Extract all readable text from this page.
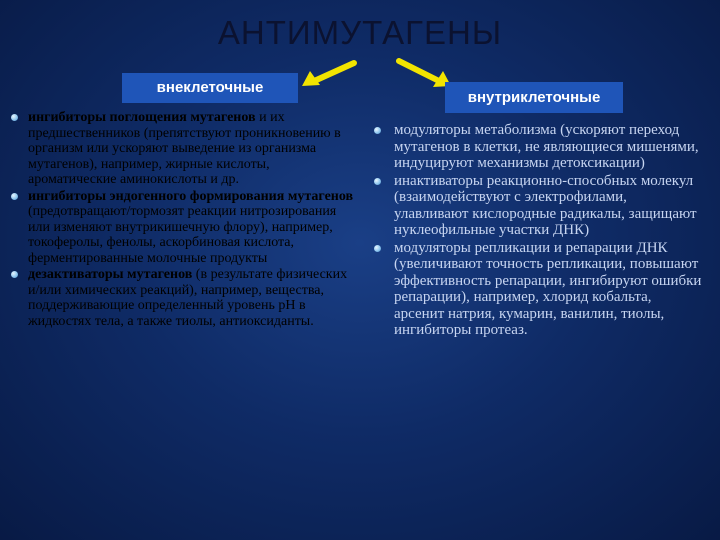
АНТИМУТАГЕНЫ
внеклеточные
внутриклеточные
ингибиторы поглощения мутагенов и их предшественников (препятствуют проникновению в организм или ускоряют выведение из организма мутагенов), например, жирные кислоты, ароматические аминокислоты и др.
ингибиторы эндогенного формирования мутагенов (предотвращают/тормозят реакции нитрозирования или изменяют внутрикишечную флору), например, токоферолы, фенолы, аскорбиновая кислота, ферментированные молочные продукты
дезактиваторы мутагенов (в результате физических и/или химических реакций), например, вещества, поддерживающие определенный уровень pH в жидкостях тела, а также тиолы, антиоксиданты.
модуляторы метаболизма (ускоряют переход мутагенов в клетки, не являющиеся мишенями, индуцируют механизмы детоксикации)
инактиваторы реакционно-способных молекул (взаимодействуют с электрофилами, улавливают кислородные радикалы, защищают нуклеофильные участки ДНК)
модуляторы репликации и репарации ДНК (увеличивают точность репликации, повышают эффективность репарации, ингибируют ошибки репарации), например, хлорид кобальта, арсенит натрия, кумарин, ванилин, тиолы, ингибиторы протеаз.
